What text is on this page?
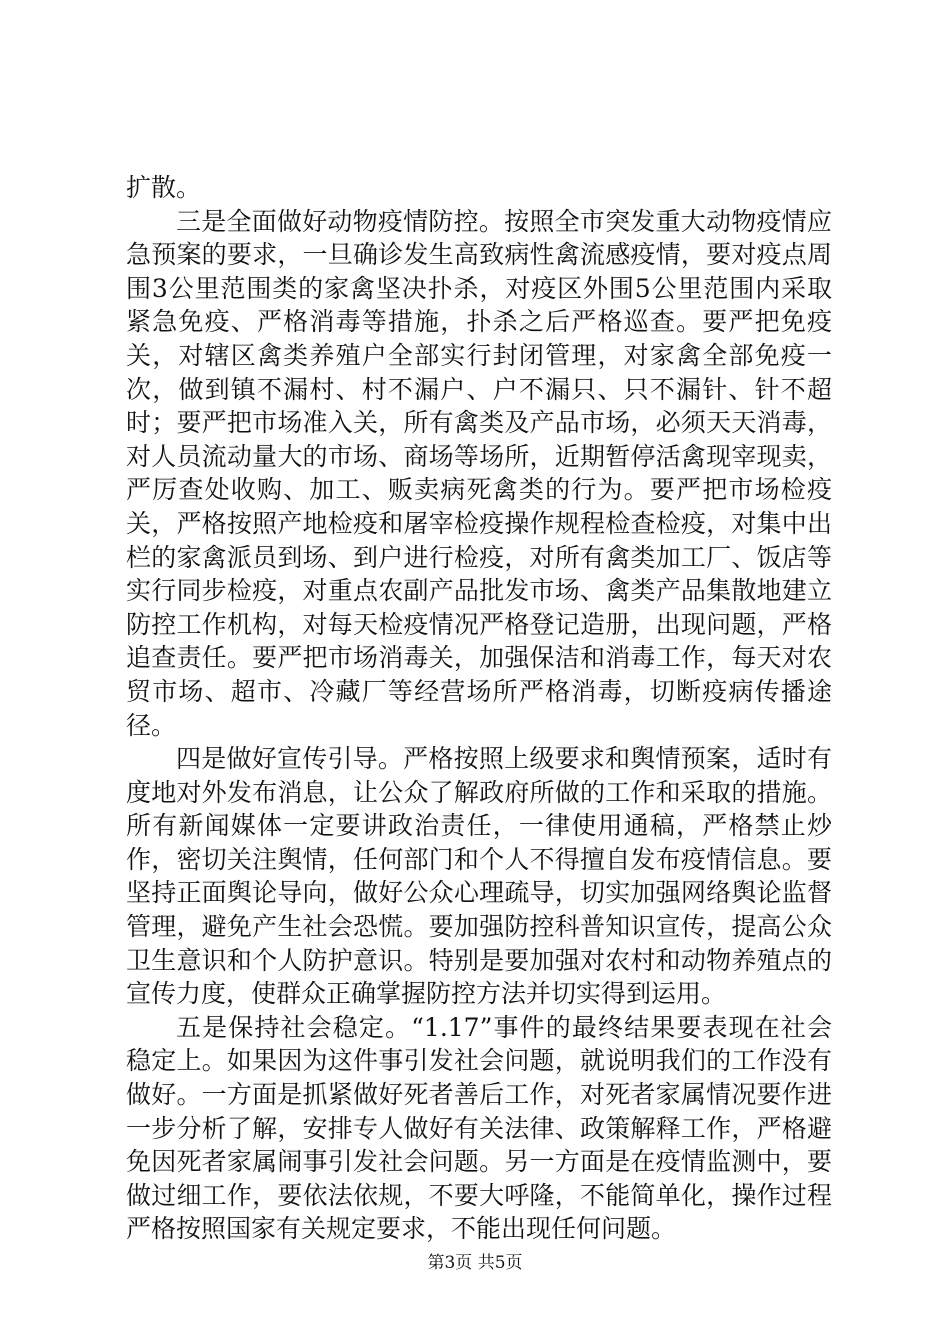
扩散。

三是全面做好动物疫情防控。按照全市突发重大动物疫情应急预案的要求，一旦确诊发生高致病性禽流感疫情，要对疫点周围3公里范围类的家禽坚决扑杀，对疫区外围5公里范围内采取紧急免疫、严格消毒等措施，扑杀之后严格巡查。要严把免疫关，对辖区禽类养殖户全部实行封闭管理，对家禽全部免疫一次，做到镇不漏村、村不漏户、户不漏只、只不漏针、针不超时；要严把市场准入关，所有禽类及产品市场，必须天天消毒，对人员流动量大的市场、商场等场所，近期暂停活禽现宰现卖，严厉查处收购、加工、贩卖病死禽类的行为。要严把市场检疫关，严格按照产地检疫和屠宰检疫操作规程检查检疫，对集中出栏的家禽派员到场、到户进行检疫，对所有禽类加工厂、饭店等实行同步检疫，对重点农副产品批发市场、禽类产品集散地建立防控工作机构，对每天检疫情况严格登记造册，出现问题，严格追查责任。要严把市场消毒关，加强保洁和消毒工作，每天对农贸市场、超市、冷藏厂等经营场所严格消毒，切断疫病传播途径。

四是做好宣传引导。严格按照上级要求和舆情预案，适时有度地对外发布消息，让公众了解政府所做的工作和采取的措施。所有新闻媒体一定要讲政治责任，一律使用通稿，严格禁止炒作，密切关注舆情，任何部门和个人不得擅自发布疫情信息。要坚持正面舆论导向，做好公众心理疏导，切实加强网络舆论监督管理，避免产生社会恐慌。要加强防控科普知识宣传，提高公众卫生意识和个人防护意识。特别是要加强对农村和动物养殖点的宣传力度，使群众正确掌握防控方法并切实得到运用。

五是保持社会稳定。“1.17”事件的最终结果要表现在社会稳定上。如果因为这件事引发社会问题，就说明我们的工作没有做好。一方面是抓紧做好死者善后工作，对死者家属情况要作进一步分析了解，安排专人做好有关法律、政策解释工作，严格避免因死者家属闹事引发社会问题。另一方面是在疫情监测中，要做过细工作，要依法依规，不要大呼隆，不能简单化，操作过程严格按照国家有关规定要求，不能出现任何问题。

第3页 共5页
